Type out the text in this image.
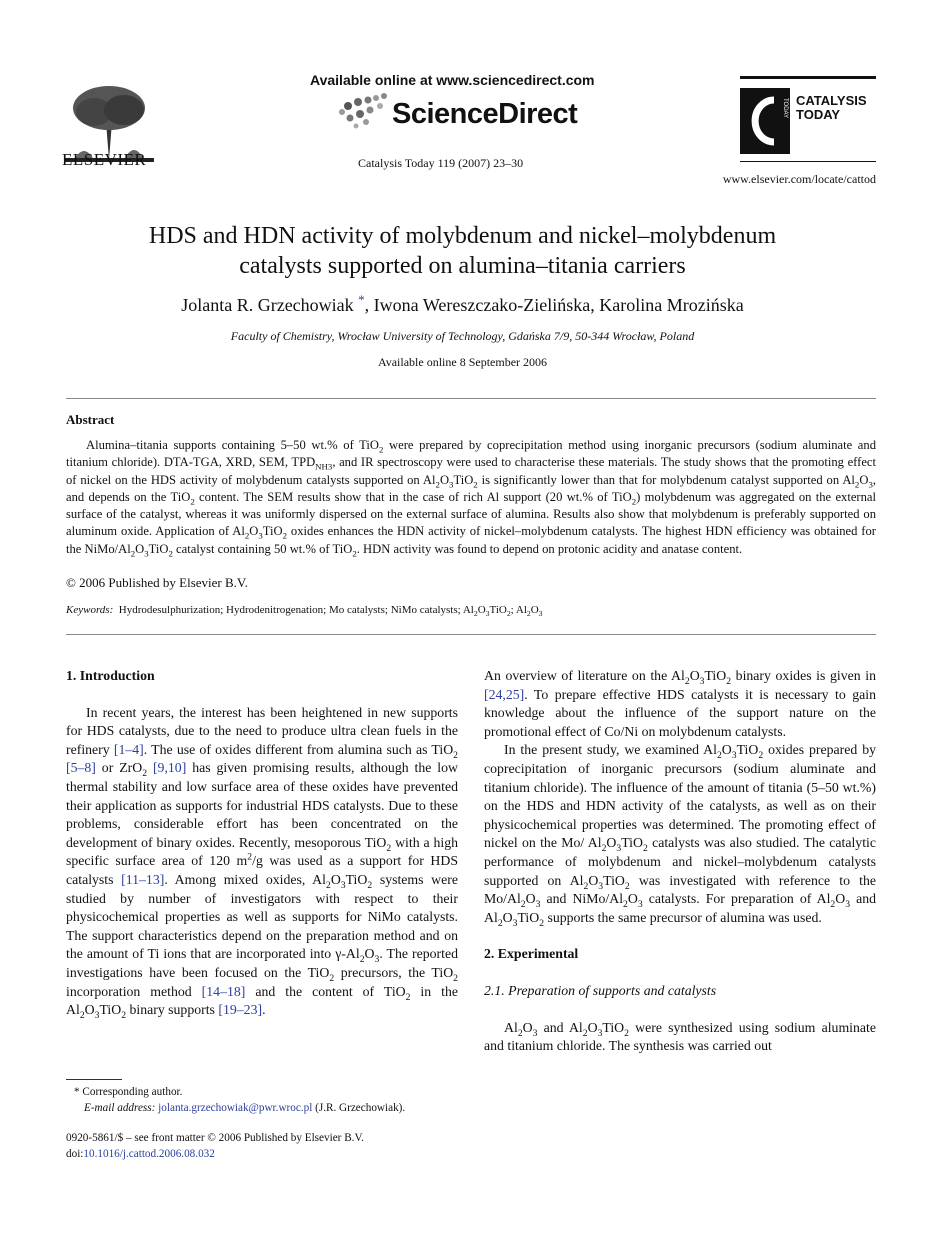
ELSEVIER
Available online at www.sciencedirect.com
ScienceDirect
Catalysis Today 119 (2007) 23–30
TODAY CATALYSIS
TODAY
www.elsevier.com/locate/cattod
HDS and HDN activity of molybdenum and nickel–molybdenum
catalysts supported on alumina–titania carriers
Jolanta R. Grzechowiak *, Iwona Wereszczako-Zielińska, Karolina Mrozińska
Faculty of Chemistry, Wrocław University of Technology, Gdańska 7/9, 50-344 Wrocław, Poland
Available online 8 September 2006
Abstract

Alumina–titania supports containing 5–50 wt.% of TiO$_2$ were prepared by coprecipitation method using inorganic precursors (sodium aluminate and titanium chloride). DTA-TGA, XRD, SEM, $TPD_{NH3}$, and IR spectroscopy were used to characterise these materials. The study shows that the promoting effect of nickel on the HDS activity of molybdenum catalysts supported on $Al_2O_3TiO_2$ is significantly lower than that for molybdenum catalyst supported on $Al_2O_3$, and depends on the TiO$_2$ content. The SEM results show that in the case of rich Al support (20 wt.% of TiO$_2$) molybdenum was aggregated on the external surface of the catalyst, whereas it was uniformly dispersed on the external surface of alumina. Results also show that molybdenum is preferably supported on aluminum oxide. Application of $Al_2O_3TiO_2$ oxides enhances the HDN activity of nickel–molybdenum catalysts. The highest HDN efficiency was obtained for the NiMo/$Al_2O_3TiO_2$ catalyst containing 50 wt.% of TiO$_2$. HDN activity was found to depend on protonic acidity and anatase content.

© 2006 Published by Elsevier B.V.
Keywords: Hydrodesulphurization; Hydrodenitrogenation; Mo catalysts; NiMo catalysts; $Al_2O_3TiO_2$; $Al_2O_3$

1. Introduction

In recent years, the interest has been heightened in new supports for HDS catalysts, due to the need to produce ultra clean fuels in the refinery [1–4]. The use of oxides different from alumina such as TiO$_2$ [5–8] or ZrO$_2$ [9,10] has given promising results, although the low thermal stability and low surface area of these oxides have prevented their application as supports for industrial HDS catalysts. Due to these problems, considerable effort has been concentrated on the development of binary oxides. Recently, mesoporous TiO$_2$ with a high specific surface area of 120 $m^2/g$ was used as a support for HDS catalysts [11–13]. Among mixed oxides, $Al_2O_3TiO_2$ systems were studied by number of investigators with respect to their physicochemical properties as well as supports for NiMo catalysts. The support characteristics depend on the preparation method and on the amount of Ti ions that are incorporated into $\gamma-Al_2O_3$. The reported investigations have been focused on the TiO$_2$ precursors, the TiO$_2$ incorporation method [14–18] and the content of TiO$_2$ in the $Al_2O_3TiO_2$ binary supports [19–23].

An overview of literature on the $Al_2O_3TiO_2$ binary oxides is given in [24,25]. To prepare effective HDS catalysts it is necessary to gain knowledge about the influence of the support nature on the promotional effect of Co/Ni on molybdenum catalysts.

In the present study, we examined $Al_2O_3TiO_2$ oxides prepared by coprecipitation of inorganic precursors (sodium aluminate and titanium chloride). The influence of the amount of titania (5–50 wt.%) on the HDS and HDN activity of the catalysts, as well as on their physicochemical properties was determined. The promoting effect of nickel on the Mo/ $Al_2O_3TiO_2$ catalysts was also studied. The catalytic performance of molybdenum and nickel–molybdenum catalysts supported on $Al_2O_3TiO_2$ was investigated with reference to the $Mo/Al_2O_3$ and NiMo/$Al_2O_3$ catalysts. For preparation of $Al_2O_3$ and $Al_2O_3TiO_2$ supports the same precursor of alumina was used.

2. Experimental

2.1. Preparation of supports and catalysts

$Al_2O_3$ and $Al_2O_3TiO_2$ were synthesized using sodium aluminate and titanium chloride. The synthesis was carried out

* Corresponding author.
E-mail address: jolanta.grzechowiak@pwr.wroc.pl (J.R. Grzechowiak).
0920-5861/$ – see front matter © 2006 Published by Elsevier B.V.
doi:10.1016/j.cattod.2006.08.032
